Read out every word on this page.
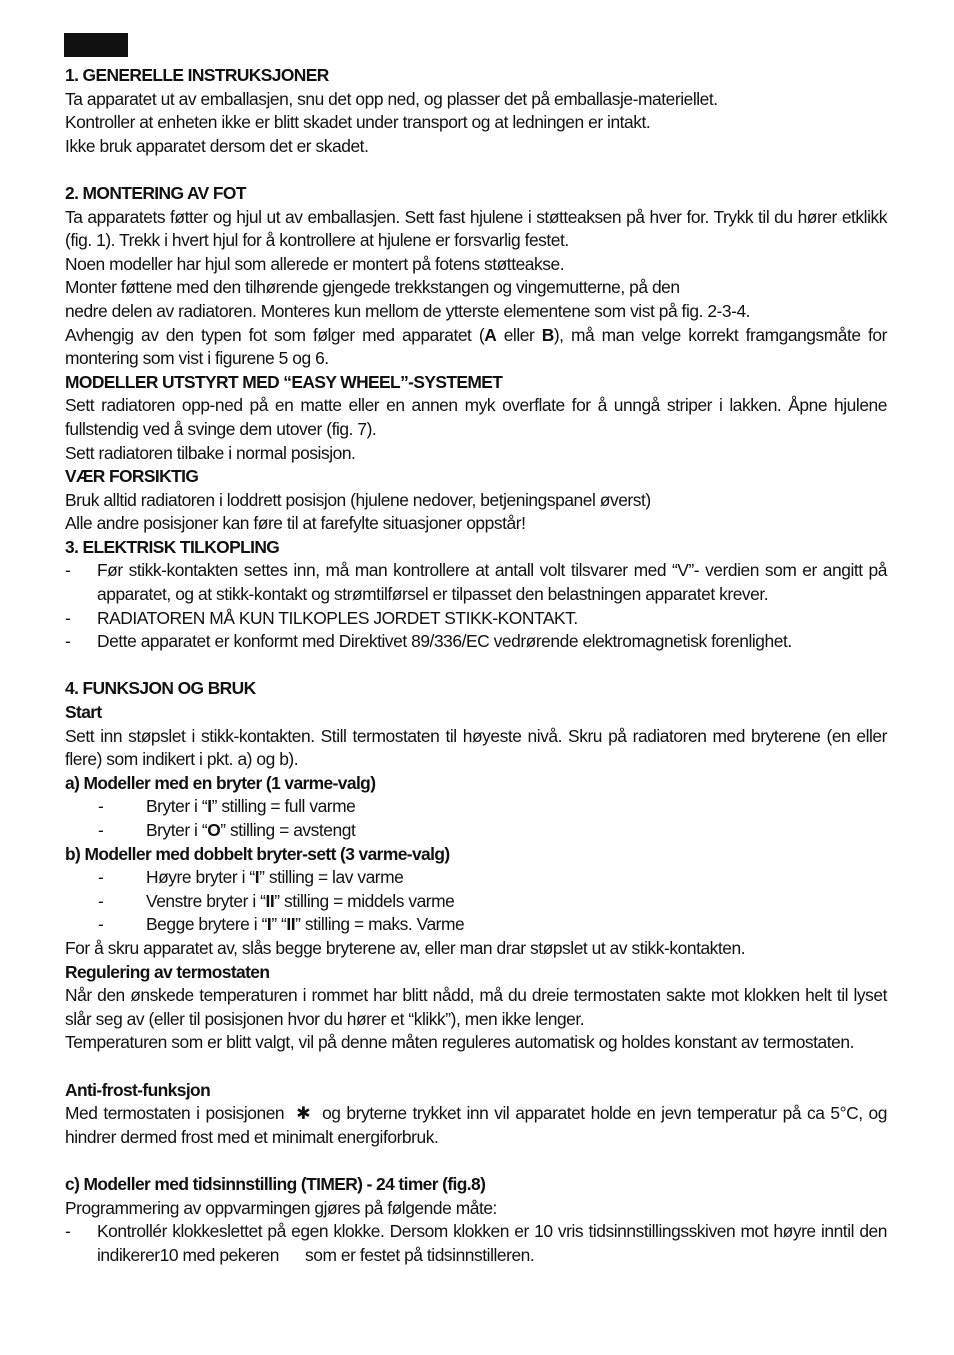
1. GENERELLE INSTRUKSJONER

Ta apparatet ut av emballasjen, snu det opp ned, og plasser det på emballasje-materiellet.

Kontroller at enheten ikke er blitt skadet under transport og at ledningen er intakt.

Ikke bruk apparatet dersom det er skadet.

2. MONTERING AV FOT

Ta apparatets føtter og hjul ut av emballasjen. Sett fast hjulene i støtteaksen på hver for. Trykk til du hører etklikk (fig. 1). Trekk i hvert hjul for å kontrollere at hjulene er forsvarlig festet.

Noen modeller har hjul som allerede er montert på fotens støtteakse.

Monter føttene med den tilhørende gjengede trekkstangen og vingemutterne, på den

nedre delen av radiatoren. Monteres kun mellom de ytterste elementene som vist på fig. 2-3-4.

Avhengig av den typen fot som følger med apparatet (A eller B), må man velge korrekt framgangsmåte for montering som vist i figurene 5 og 6.

MODELLER UTSTYRT MED “EASY WHEEL”-SYSTEMET

Sett radiatoren opp-ned på en matte eller en annen myk overflate for å unngå striper i lakken. Åpne hjulene fullstendig ved å svinge dem utover (fig. 7).

Sett radiatoren tilbake i normal posisjon.

VÆR FORSIKTIG

Bruk alltid radiatoren i loddrett posisjon (hjulene nedover, betjeningspanel øverst)

Alle andre posisjoner kan føre til at farefylte situasjoner oppstår!

3. ELEKTRISK TILKOPLING

-	Før stikk-kontakten settes inn, må man kontrollere at antall volt tilsvarer med “V”- verdien som er angitt på apparatet, og at stikk-kontakt og strømtilførsel er tilpasset den belastningen apparatet krever.
-	RADIATOREN MÅ KUN TILKOPLES JORDET STIKK-KONTAKT.
-	Dette apparatet er konformt med Direktivet 89/336/EC vedrørende elektromagnetisk forenlighet.

4. FUNKSJON OG BRUK

Start

Sett inn støpslet i stikk-kontakten. Still termostaten til høyeste nivå. Skru på radiatoren med bryterene (en eller flere) som indikert i pkt. a) og b).

a) Modeller med en bryter (1 varme-valg)

-	Bryter i “I” stilling = full varme
-	Bryter i “O” stilling = avstengt

b) Modeller med dobbelt bryter-sett (3 varme-valg)

-	Høyre bryter i “I” stilling = lav varme
-	Venstre bryter i “II” stilling = middels varme
-	Begge brytere i “I” “II” stilling = maks. Varme

For å skru apparatet av, slås begge bryterene av, eller man drar støpslet ut av stikk-kontakten.

Regulering av termostaten

Når den ønskede temperaturen i rommet har blitt nådd, må du dreie termostaten sakte mot klokken helt til lyset slår seg av (eller til posisjonen hvor du hører et “klikk”), men ikke lenger.

Temperaturen som er blitt valgt, vil på denne måten reguleres automatisk og holdes konstant av termostaten.

Anti-frost-funksjon

Med termostaten i posisjonen ✱ og bryterne trykket inn vil apparatet holde en jevn temperatur på ca 5°C, og hindrer dermed frost med et minimalt energiforbruk.

c) Modeller med tidsinnstilling (TIMER) - 24 timer (fig.8)

Programmering av oppvarmingen gjøres på følgende måte:

-	Kontrollér klokkeslettet på egen klokke. Dersom klokken er 10 vris tidsinnstillingsskiven mot høyre inntil den indikerer10 med pekeren som er festet på tidsinnstilleren.
